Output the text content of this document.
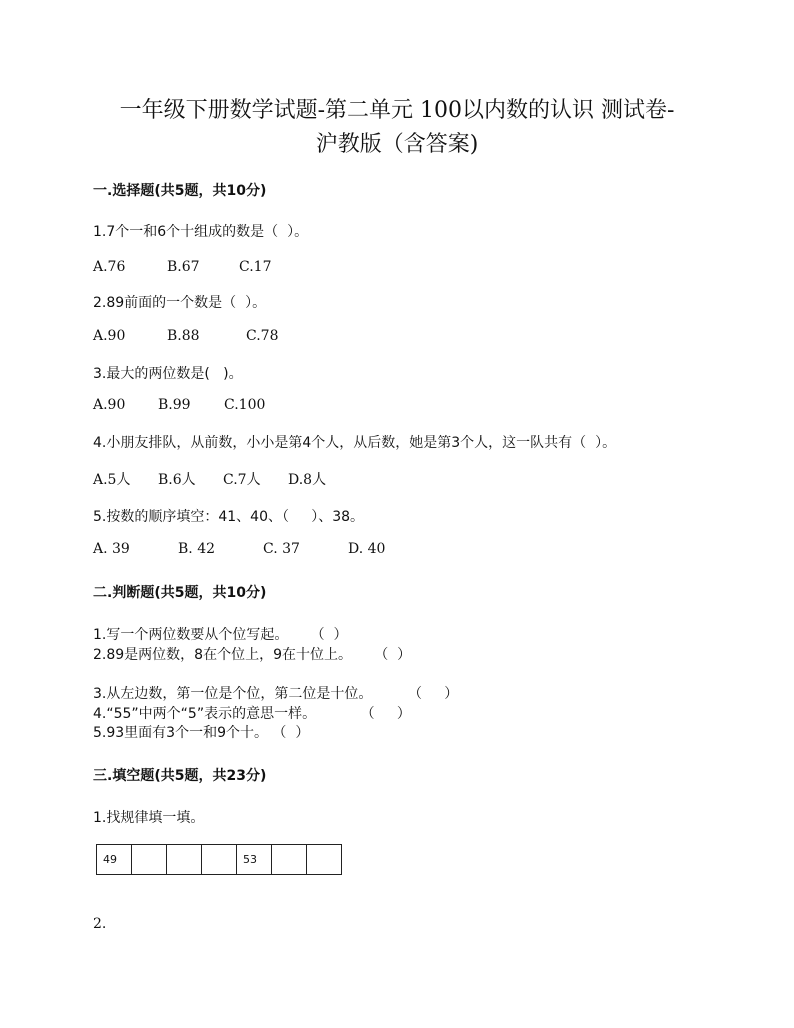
一年级下册数学试题-第二单元 100以内数的认识 测试卷-
沪教版（含答案)
一.选择题(共5题，共10分)
1.7个一和6个十组成的数是（  ）。
A.76	B.67	C.17
2.89前面的一个数是（  ）。
A.90	B.88	C.78
3.最大的两位数是(   )。
A.90 B.99 C.100
4.小朋友排队，从前数，小小是第4个人，从后数，她是第3个人，这一队共有（  ）。
A.5人 B.6人 C.7人 D.8人
5.按数的顺序填空：41、40、（     ）、38。
A. 39	B. 42	C. 37	D. 40
二.判断题(共5题，共10分)
1.写一个两位数要从个位写起。     （  ）
2.89是两位数，8在个位上，9在十位上。     （  ）
3.从左边数，第一位是个位，第二位是十位。        （     ）
4.“55”中两个“5”表示的意思一样。          （     ）
5.93里面有3个一和9个十。 （  ）
三.填空题(共5题，共23分)
1.找规律填一填。
49				53		
2.
